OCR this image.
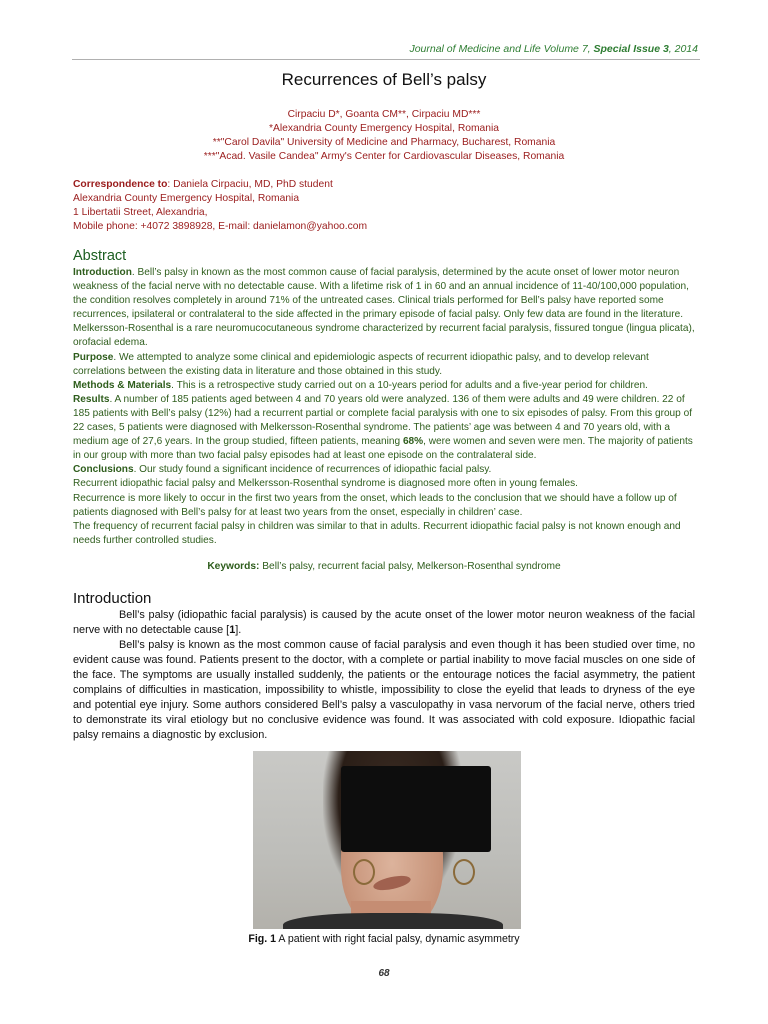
Journal of Medicine and Life Volume 7, Special Issue 3, 2014
Recurrences of Bell’s palsy
Cirpaciu D*, Goanta CM**, Cirpaciu MD***
*Alexandria County Emergency Hospital, Romania
**"Carol Davila" University of Medicine and Pharmacy, Bucharest, Romania
***"Acad. Vasile Candea" Army's Center for Cardiovascular Diseases, Romania
Correspondence to: Daniela Cirpaciu, MD, PhD student
Alexandria County Emergency Hospital, Romania
1 Libertatii Street, Alexandria,
Mobile phone: +4072 3898928, E-mail: danielamon@yahoo.com
Abstract

Introduction. Bell’s palsy in known as the most common cause of facial paralysis, determined by the acute onset of lower motor neuron weakness of the facial nerve with no detectable cause. With a lifetime risk of 1 in 60 and an annual incidence of 11-40/100,000 population, the condition resolves completely in around 71% of the untreated cases. Clinical trials performed for Bell’s palsy have reported some recurrences, ipsilateral or contralateral to the side affected in the primary episode of facial palsy. Only few data are found in the literature. Melkersson-Rosenthal is a rare neuromucocutaneous syndrome characterized by recurrent facial paralysis, fissured tongue (lingua plicata), orofacial edema.

Purpose. We attempted to analyze some clinical and epidemiologic aspects of recurrent idiopathic palsy, and to develop relevant correlations between the existing data in literature and those obtained in this study.

Methods & Materials. This is a retrospective study carried out on a 10-years period for adults and a five-year period for children.

Results. A number of 185 patients aged between 4 and 70 years old were analyzed. 136 of them were adults and 49 were children. 22 of 185 patients with Bell’s palsy (12%) had a recurrent partial or complete facial paralysis with one to six episodes of palsy. From this group of 22 cases, 5 patients were diagnosed with Melkersson-Rosenthal syndrome. The patients’ age was between 4 and 70 years old, with a medium age of 27,6 years. In the group studied, fifteen patients, meaning 68%, were women and seven were men. The majority of patients in our group with more than two facial palsy episodes had at least one episode on the contralateral side.

Conclusions. Our study found a significant incidence of recurrences of idiopathic facial palsy.

Recurrent idiopathic facial palsy and Melkersson-Rosenthal syndrome is diagnosed more often in young females.

Recurrence is more likely to occur in the first two years from the onset, which leads to the conclusion that we should have a follow up of patients diagnosed with Bell’s palsy for at least two years from the onset, especially in children’ case.

The frequency of recurrent facial palsy in children was similar to that in adults. Recurrent idiopathic facial palsy is not known enough and needs further controlled studies.

Keywords: Bell’s palsy, recurrent facial palsy, Melkerson-Rosenthal syndrome
Introduction

Bell’s palsy (idiopathic facial paralysis) is caused by the acute onset of the lower motor neuron weakness of the facial nerve with no detectable cause [1].

Bell’s palsy is known as the most common cause of facial paralysis and even though it has been studied over time, no evident cause was found. Patients present to the doctor, with a complete or partial inability to move facial muscles on one side of the face. The symptoms are usually installed suddenly, the patients or the entourage notices the facial asymmetry, the patient complains of difficulties in mastication, impossibility to whistle, impossibility to close the eyelid that leads to dryness of the eye and potential eye injury. Some authors considered Bell’s palsy a vasculopathy in vasa nervorum of the facial nerve, others tried to demonstrate its viral etiology but no conclusive evidence was found. It was associated with cold exposure. Idiopathic facial palsy remains a diagnostic by exclusion.

Fig. 1 A patient with right facial palsy, dynamic asymmetry
68
